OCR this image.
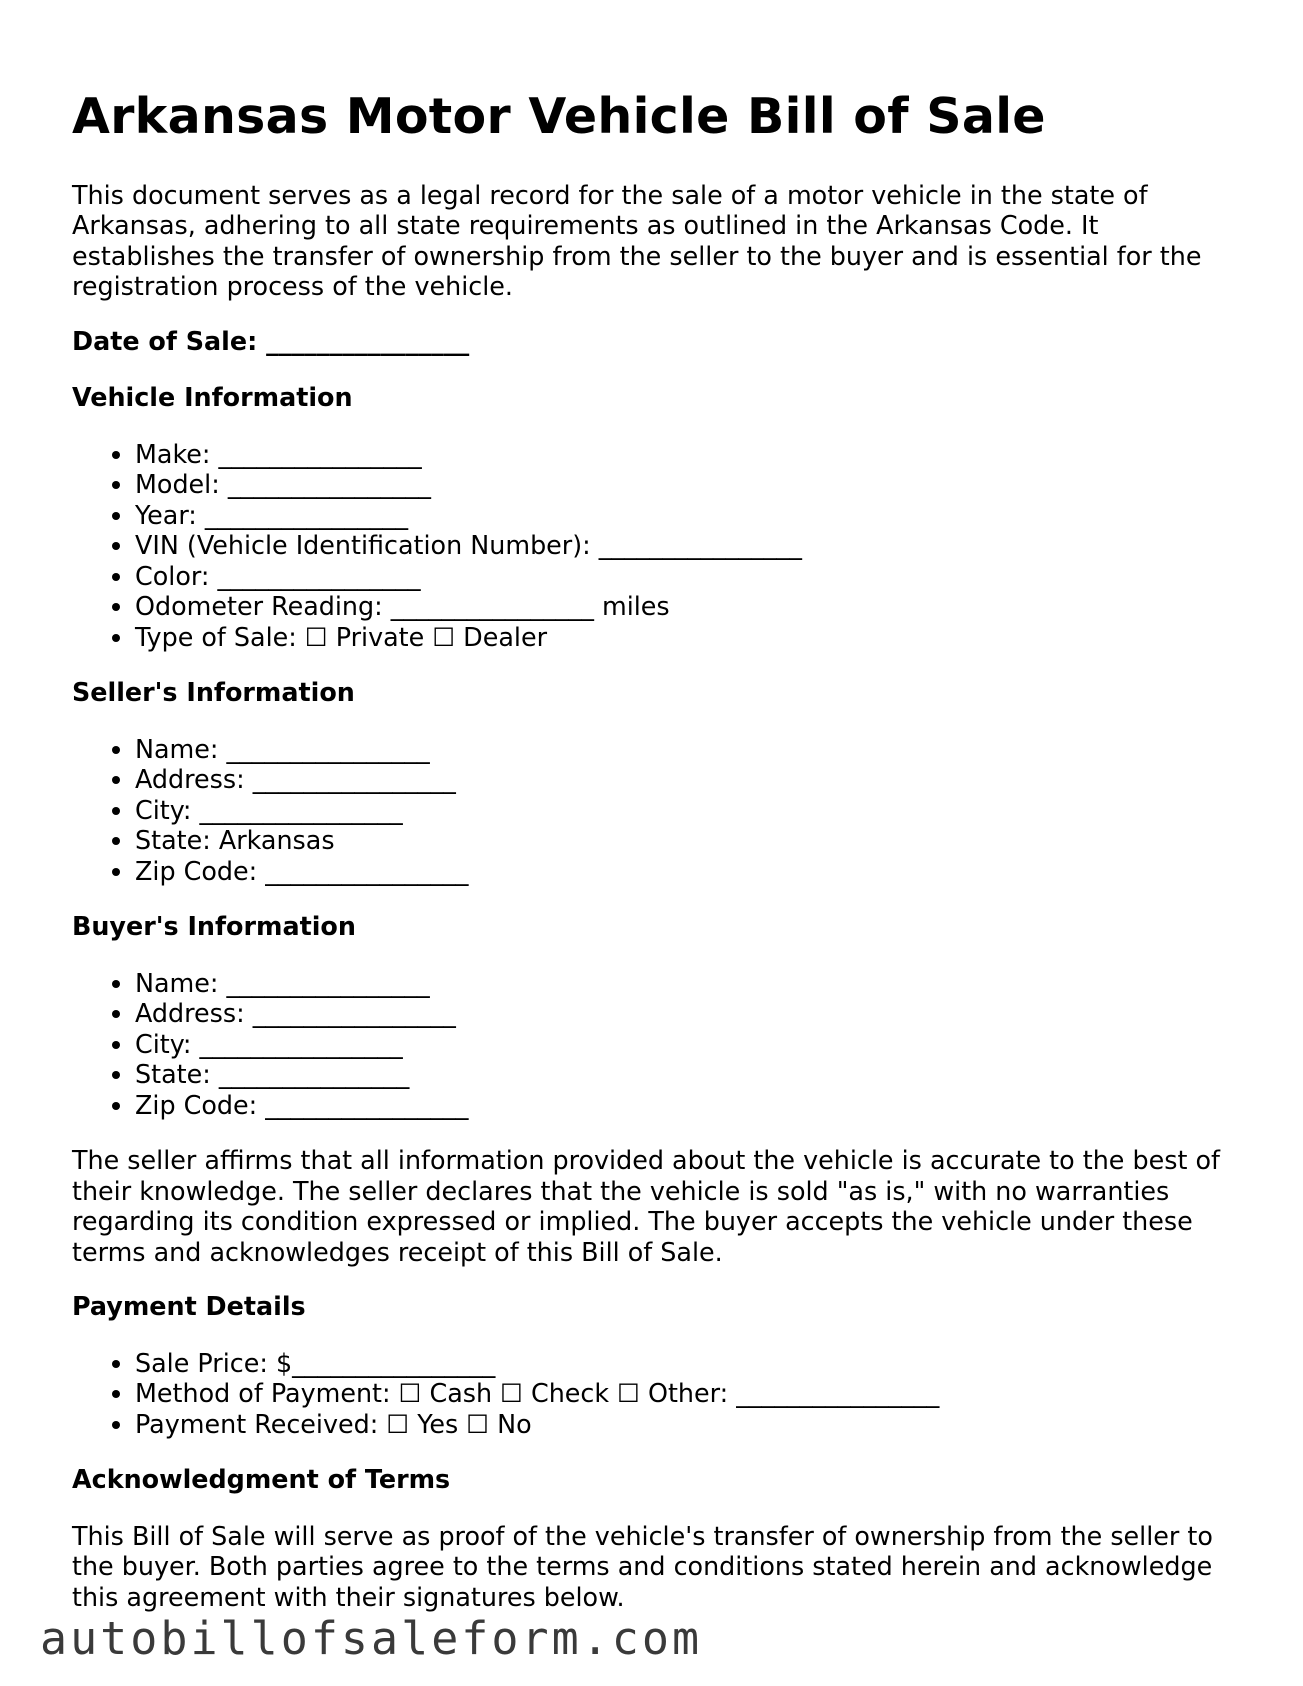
Arkansas Motor Vehicle Bill of Sale

This document serves as a legal record for the sale of a motor vehicle in the state of Arkansas, adhering to all state requirements as outlined in the Arkansas Code. It establishes the transfer of ownership from the seller to the buyer and is essential for the registration process of the vehicle.

Date of Sale: ________________
Vehicle Information
• Make: ________________
• Model: ________________
• Year: ________________
• VIN (Vehicle Identification Number): ________________
• Color: ________________
• Odometer Reading: ________________ miles
• Type of Sale: ☐ Private ☐ Dealer
Seller's Information
• Name: ________________
• Address: ________________
• City: ________________
• State: Arkansas
• Zip Code: ________________
Buyer's Information
• Name: ________________
• Address: ________________
• City: ________________
• State: _______________
• Zip Code: ________________

The seller affirms that all information provided about the vehicle is accurate to the best of their knowledge. The seller declares that the vehicle is sold "as is," with no warranties regarding its condition expressed or implied. The buyer accepts the vehicle under these terms and acknowledges receipt of this Bill of Sale.

Payment Details
• Sale Price: $________________
• Method of Payment: ☐ Cash ☐ Check ☐ Other: ________________
• Payment Received: ☐ Yes ☐ No
Acknowledgment of Terms

This Bill of Sale will serve as proof of the vehicle's transfer of ownership from the seller to the buyer. Both parties agree to the terms and conditions stated herein and acknowledge this agreement with their signatures below.

autobillofsaleform.com
